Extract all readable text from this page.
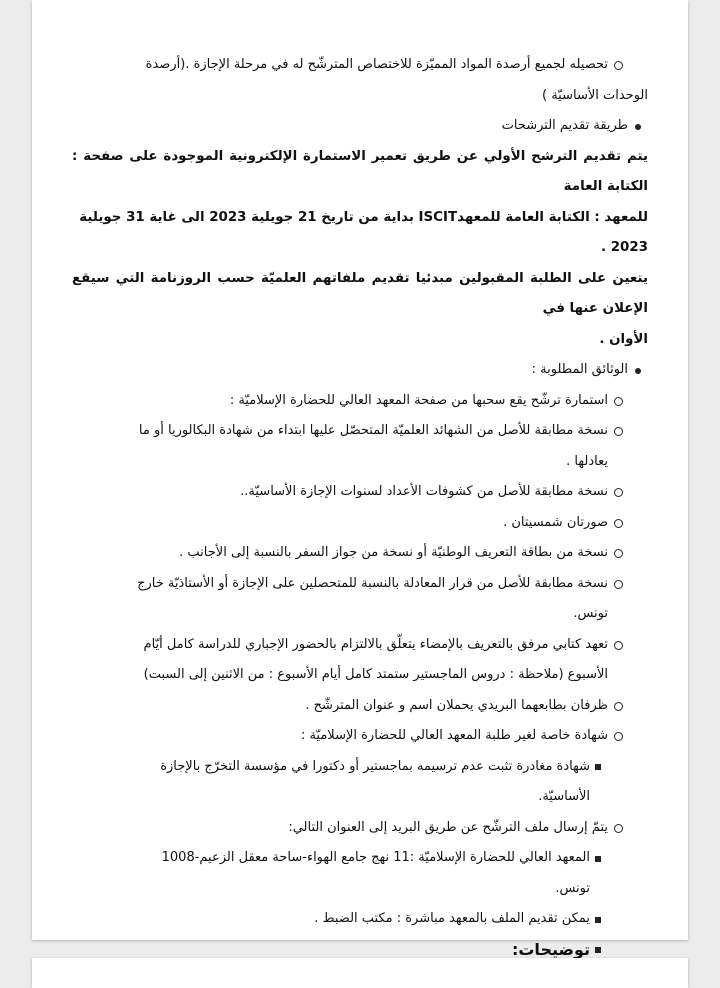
تحصيله لجميع أرصدة المواد المميّزة للاختصاص المترشّح له في مرحلة الإجازة .(أرصدة
الوحدات الأساسيّة )
طريقة تقديم الترشحات
يتم تقديم الترشح الأولي عن طريق تعمير الاستمارة الإلكترونية الموجودة على صفحة : الكتابة العامة
للمعهد : الكتابة العامة للمعهدISCIT بداية من تاريخ 21 جويلية 2023 الى غاية 31 جويلية
2023 .
يتعين على الطلبة المقبولين مبدئيا تقديم ملفاتهم العلميّة حسب الروزنامة التي سيقع الإعلان عنها في
الأوان .
الوثائق المطلوبة :
استمارة ترشّح يقع سحبها من صفحة المعهد العالي للحضارة الإسلاميّة :
نسخة مطابقة للأصل من الشهائد العلميّة المتحصّل عليها ابتداء من شهادة البكالوريا أو ما
يعادلها .
نسخة مطابقة للأصل من كشوفات الأعداد لسنوات الإجازة الأساسيّة..
صورتان شمسيتان .
نسخة من بطاقة التعريف الوطنيّة أو نسخة من جواز السفر بالنسبة إلى الأجانب .
نسخة مطابقة للأصل من قرار المعادلة بالنسبة للمتحصلين على الإجازة أو الأستاذيّة خارج
تونس.
تعهد كتابي مرفق بالتعريف بالإمضاء يتعلّق بالالتزام بالحضور الإجباري للدراسة كامل أيّام
الأسبوع (ملاحظة : دروس الماجستير ستمتد كامل أيام الأسبوع : من الاثنين إلى السبت)
ظرفان بطابعهما البريدي يحملان اسم و عنوان المترشّح .
شهادة خاصة لغير طلبة المعهد العالي للحضارة الإسلاميّة :
شهادة مغادرة تثبت عدم ترسيمه بماجستير أو دكتورا في مؤسسة التخرّج بالإجازة
الأساسيّة.
يتمّ إرسال ملف الترشّح عن طريق البريد إلى العنوان التالي:
المعهد العالي للحضارة الإسلاميّة :11 نهج جامع الهواء-ساحة معقل الزعيم-1008
تونس.
يمكن تقديم الملف بالمعهد مباشرة : مكتب الضبط .
توضيحات:
